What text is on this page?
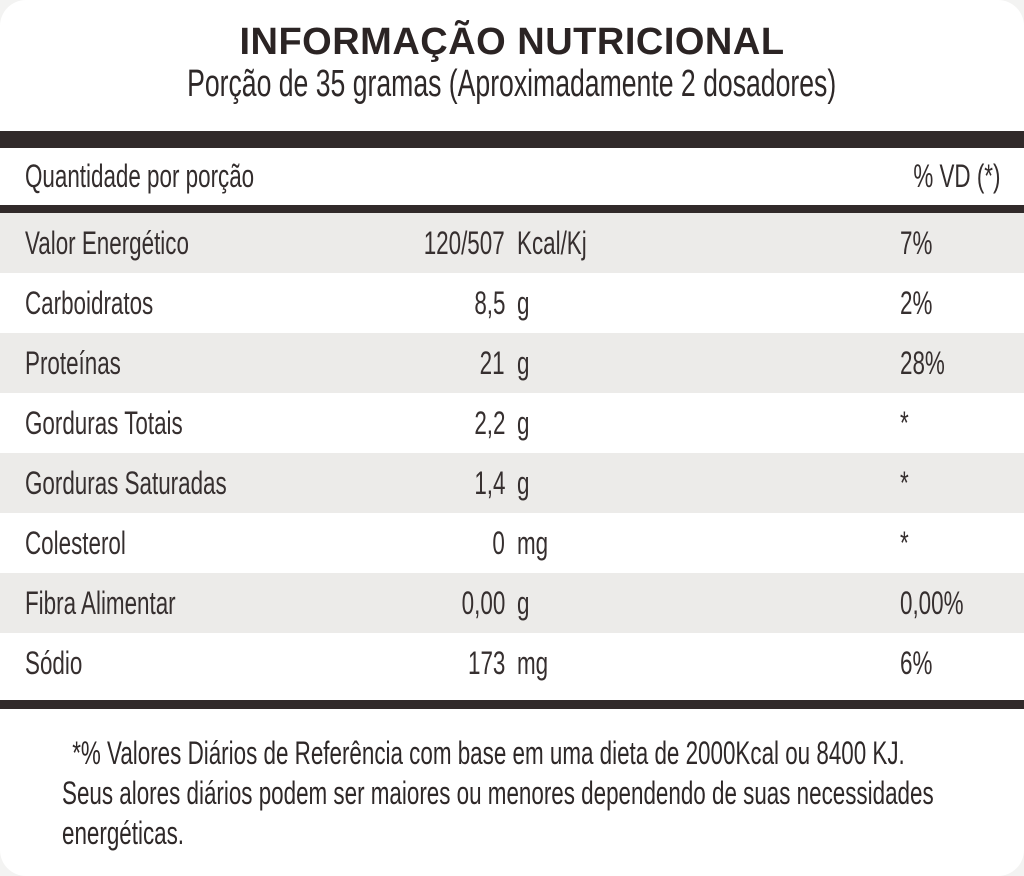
INFORMAÇÃO NUTRICIONAL
Porção de 35 gramas (Aproximadamente 2 dosadores)
Quantidade por porção	% VD (*)
Valor Energético	120/507 Kcal/Kj	7%
Carboidratos	8,5 g	2%
Proteínas	21 g	28%
Gorduras Totais	2,2 g	*
Gorduras Saturadas	1,4 g	*
Colesterol	0 mg	*
Fibra Alimentar	0,00 g	0,00%
Sódio	173 mg	6%
*% Valores Diários de Referência com base em uma dieta de 2000Kcal ou 8400 KJ.
Seus alores diários podem ser maiores ou menores dependendo de suas necessidades
energéticas.
